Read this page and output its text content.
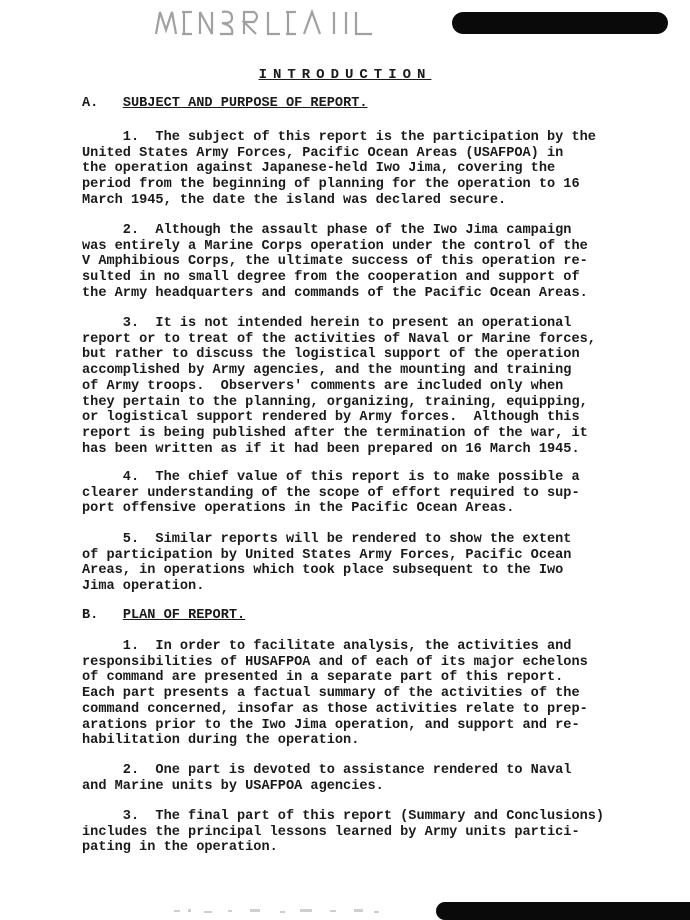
INTRODUCTION
A. SUBJECT AND PURPOSE OF REPORT.
1.  The subject of this report is the participation by the
United States Army Forces, Pacific Ocean Areas (USAFPOA) in
the operation against Japanese-held Iwo Jima, covering the
period from the beginning of planning for the operation to 16
March 1945, the date the island was declared secure.
2.  Although the assault phase of the Iwo Jima campaign
was entirely a Marine Corps operation under the control of the
V Amphibious Corps, the ultimate success of this operation re-
sulted in no small degree from the cooperation and support of
the Army headquarters and commands of the Pacific Ocean Areas.
3.  It is not intended herein to present an operational
report or to treat of the activities of Naval or Marine forces,
but rather to discuss the logistical support of the operation
accomplished by Army agencies, and the mounting and training
of Army troops.  Observers' comments are included only when
they pertain to the planning, organizing, training, equipping,
or logistical support rendered by Army forces.  Although this
report is being published after the termination of the war, it
has been written as if it had been prepared on 16 March 1945.
4.  The chief value of this report is to make possible a
clearer understanding of the scope of effort required to sup-
port offensive operations in the Pacific Ocean Areas.
5.  Similar reports will be rendered to show the extent
of participation by United States Army Forces, Pacific Ocean
Areas, in operations which took place subsequent to the Iwo
Jima operation.
B. PLAN OF REPORT.
1.  In order to facilitate analysis, the activities and
responsibilities of HUSAFPOA and of each of its major echelons
of command are presented in a separate part of this report.
Each part presents a factual summary of the activities of the
command concerned, insofar as those activities relate to prep-
arations prior to the Iwo Jima operation, and support and re-
habilitation during the operation.
2.  One part is devoted to assistance rendered to Naval
and Marine units by USAFPOA agencies.
3.  The final part of this report (Summary and Conclusions)
includes the principal lessons learned by Army units partici-
pating in the operation.
